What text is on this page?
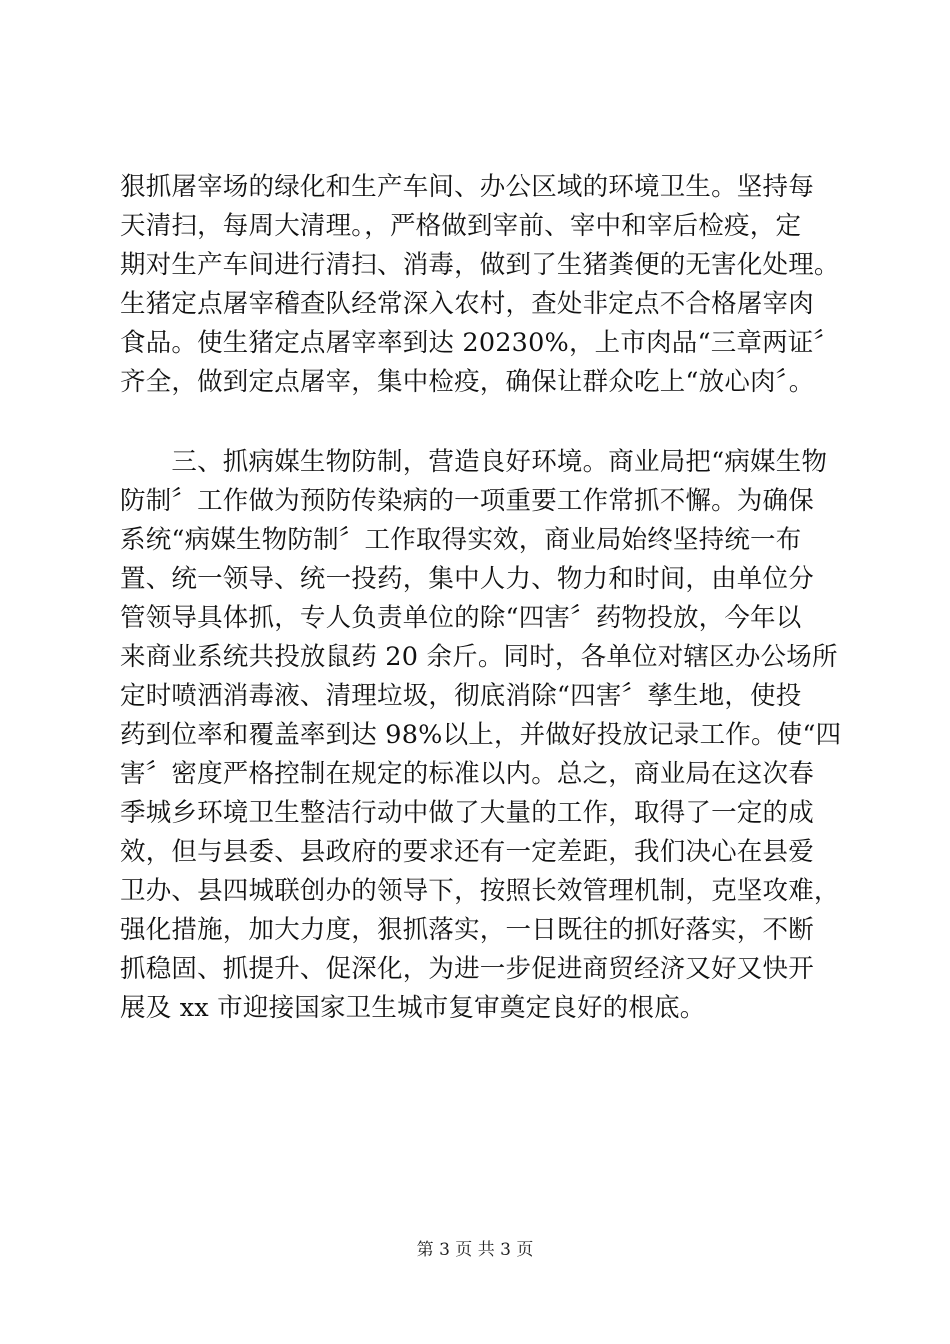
狠抓屠宰场的绿化和生产车间、办公区域的环境卫生。坚持每
天清扫，每周大清理。，严格做到宰前、宰中和宰后检疫，定
期对生产车间进行清扫、消毒，做到了生猪粪便的无害化处理。
生猪定点屠宰稽查队经常深入农村，查处非定点不合格屠宰肉
食品。使生猪定点屠宰率到达 20230%，上市肉品“三章两证〞
齐全，做到定点屠宰，集中检疫，确保让群众吃上“放心肉〞。
　　三、抓病媒生物防制，营造良好环境。商业局把“病媒生物
防制〞工作做为预防传染病的一项重要工作常抓不懈。为确保
系统“病媒生物防制〞工作取得实效，商业局始终坚持统一布
置、统一领导、统一投药，集中人力、物力和时间，由单位分
管领导具体抓，专人负责单位的除“四害〞药物投放，今年以
来商业系统共投放鼠药 20 余斤。同时，各单位对辖区办公场所
定时喷洒消毒液、清理垃圾，彻底消除“四害〞孳生地，使投
药到位率和覆盖率到达 98%以上，并做好投放记录工作。使“四
害〞密度严格控制在规定的标准以内。总之，商业局在这次春
季城乡环境卫生整洁行动中做了大量的工作，取得了一定的成
效，但与县委、县政府的要求还有一定差距，我们决心在县爱
卫办、县四城联创办的领导下，按照长效管理机制，克坚攻难，
强化措施，加大力度，狠抓落实，一日既往的抓好落实，不断
抓稳固、抓提升、促深化，为进一步促进商贸经济又好又快开
展及 xx 市迎接国家卫生城市复审奠定良好的根底。
第 3 页 共 3 页
